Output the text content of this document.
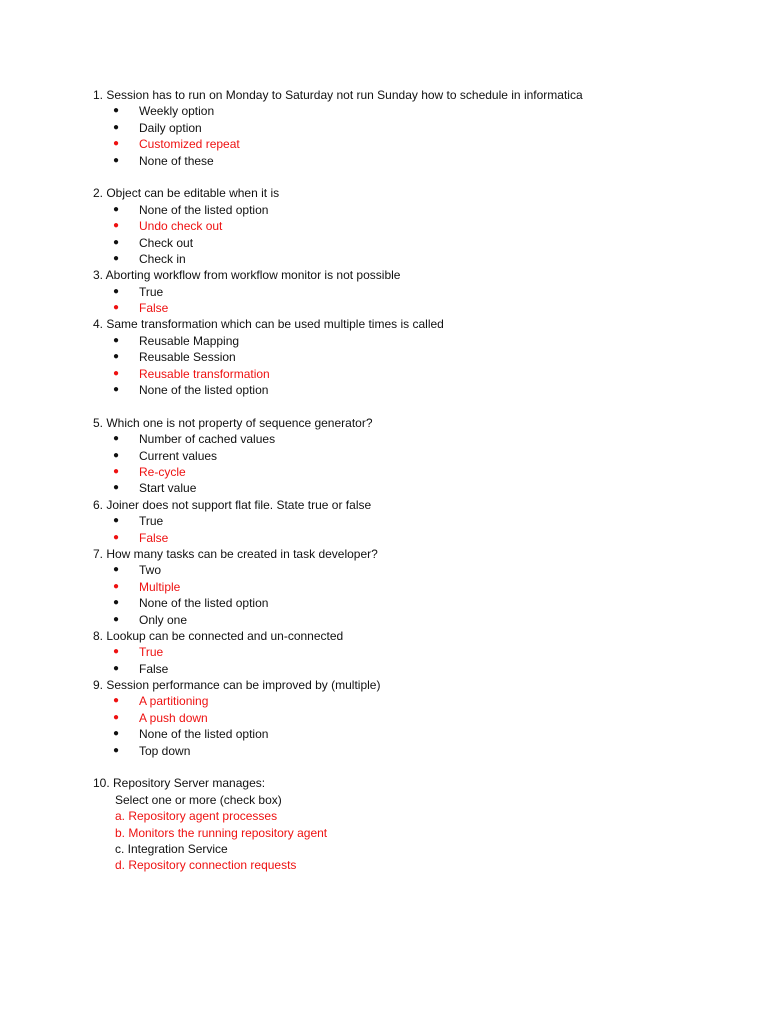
1. Session has to run on Monday to Saturday not run Sunday how to schedule in informatica
● Weekly option
● Daily option
● Customized repeat
● None of these
2. Object can be editable when it is
● None of the listed option
● Undo check out
● Check out
● Check in
3. Aborting workflow from workflow monitor is not possible
● True
● False
4. Same transformation which can be used multiple times is called
● Reusable Mapping
● Reusable Session
● Reusable transformation
● None of the listed option
5. Which one is not property of sequence generator?
● Number of cached values
● Current values
● Re-cycle
● Start value
6. Joiner does not support flat file. State true or false
● True
● False
7. How many tasks can be created in task developer?
● Two
● Multiple
● None of the listed option
● Only one
8. Lookup can be connected and un-connected
● True
● False
9. Session performance can be improved by (multiple)
● A partitioning
● A push down
● None of the listed option
● Top down
10. Repository Server manages:
Select one or more (check box)
a. Repository agent processes
b. Monitors the running repository agent
c. Integration Service
d. Repository connection requests
